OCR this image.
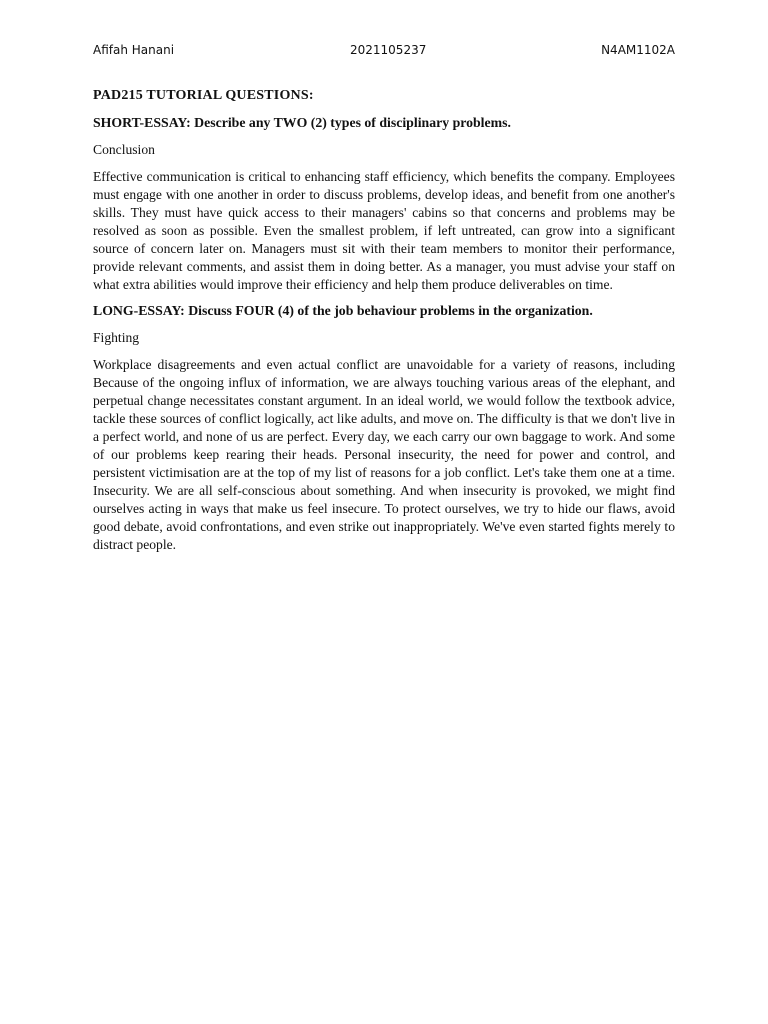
Afifah Hanani	2021105237	N4AM1102A

PAD215 TUTORIAL QUESTIONS:

SHORT-ESSAY: Describe any TWO (2) types of disciplinary problems.

Conclusion

Effective communication is critical to enhancing staff efficiency, which benefits the company. Employees must engage with one another in order to discuss problems, develop ideas, and benefit from one another's skills. They must have quick access to their managers' cabins so that concerns and problems may be resolved as soon as possible. Even the smallest problem, if left untreated, can grow into a significant source of concern later on. Managers must sit with their team members to monitor their performance, provide relevant comments, and assist them in doing better. As a manager, you must advise your staff on what extra abilities would improve their efficiency and help them produce deliverables on time.

LONG-ESSAY: Discuss FOUR (4) of the job behaviour problems in the organization.

Fighting

Workplace disagreements and even actual conflict are unavoidable for a variety of reasons, including Because of the ongoing influx of information, we are always touching various areas of the elephant, and perpetual change necessitates constant argument. In an ideal world, we would follow the textbook advice, tackle these sources of conflict logically, act like adults, and move on. The difficulty is that we don't live in a perfect world, and none of us are perfect. Every day, we each carry our own baggage to work. And some of our problems keep rearing their heads. Personal insecurity, the need for power and control, and persistent victimisation are at the top of my list of reasons for a job conflict. Let's take them one at a time. Insecurity. We are all self-conscious about something. And when insecurity is provoked, we might find ourselves acting in ways that make us feel insecure. To protect ourselves, we try to hide our flaws, avoid good debate, avoid confrontations, and even strike out inappropriately. We've even started fights merely to distract people.
